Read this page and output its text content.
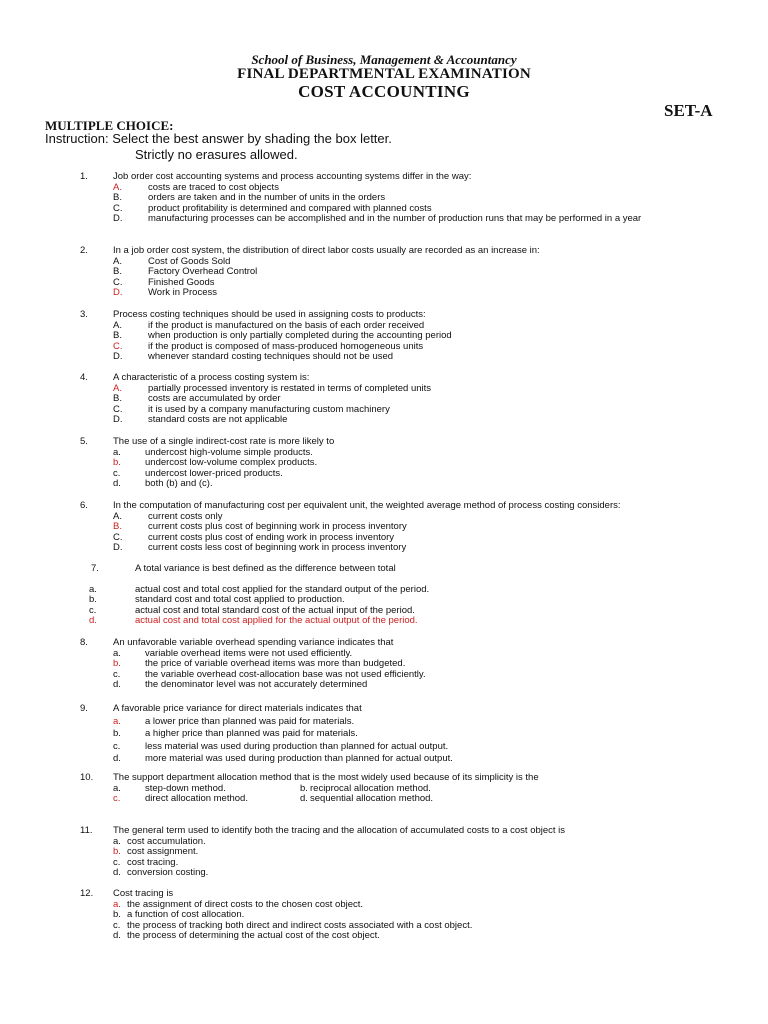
School of Business, Management & Accountancy
FINAL DEPARTMENTAL EXAMINATION
COST ACCOUNTING
SET-A
MULTIPLE CHOICE:
Instruction: Select the best answer by shading the box letter.
Strictly no erasures allowed.
1.	Job order cost accounting systems and process accounting systems differ in the way:
A.	costs are traced to cost objects
B.	orders are taken and in the number of units in the orders
C.	product profitability is determined and compared with planned costs
D.	manufacturing processes can be accomplished and in the number of production runs that may be performed in a year
2.	In a job order cost system, the distribution of direct labor costs usually are recorded as an increase in:
A.	Cost of Goods Sold
B.	Factory Overhead Control
C.	Finished Goods
D.	Work in Process
3.	Process costing techniques should be used in assigning costs to products:
A.	if the product is manufactured on the basis of each order received
B.	when production is only partially completed during the accounting period
C.	if the product is composed of mass-produced homogeneous units
D.	whenever standard costing techniques should not be used
4.	A characteristic of a process costing system is:
A.	partially processed inventory is restated in terms of completed units
B.	costs are accumulated by order
C.	it is used by a company manufacturing custom machinery
D.	standard costs are not applicable
5.	The use of a single indirect-cost rate is more likely to
a.	undercost high-volume simple products.
b.	undercost low-volume complex products.
c.	undercost lower-priced products.
d.	both (b) and (c).
6.	In the computation of manufacturing cost per equivalent unit, the weighted average method of process costing considers:
A.	current costs only
B.	current costs plus cost of beginning work in process inventory
C.	current costs plus cost of ending work in process inventory
D.	current costs less cost of beginning work in process inventory
7.	A total variance is best defined as the difference between total
a.	actual cost and total cost applied for the standard output of the period.
b.	standard cost and total cost applied to production.
c.	actual cost and total standard cost of the actual input of the period.
d.	actual cost and total cost applied for the actual output of the period.
8.	An unfavorable variable overhead spending variance indicates that
a.	variable overhead items were not used efficiently.
b.	the price of variable overhead items was more than budgeted.
c.	the variable overhead cost-allocation base was not used efficiently.
d.	the denominator level was not accurately determined
9.	A favorable price variance for direct materials indicates that
a.	a lower price than planned was paid for materials.
b.	a higher price than planned was paid for materials.
c.	less material was used during production than planned for actual output.
d.	more material was used during production than planned for actual output.
10. The support department allocation method that is the most widely used because of its simplicity is the
a.	step-down method.	b. reciprocal allocation method.
c.	direct allocation method.	d. sequential allocation method.
11. The general term used to identify both the tracing and the allocation of accumulated costs to a cost object is
a. cost accumulation.
b. cost assignment.
c. cost tracing.
d. conversion costing.
12. Cost tracing is
a. the assignment of direct costs to the chosen cost object.
b. a function of cost allocation.
c. the process of tracking both direct and indirect costs associated with a cost object.
d. the process of determining the actual cost of the cost object.
